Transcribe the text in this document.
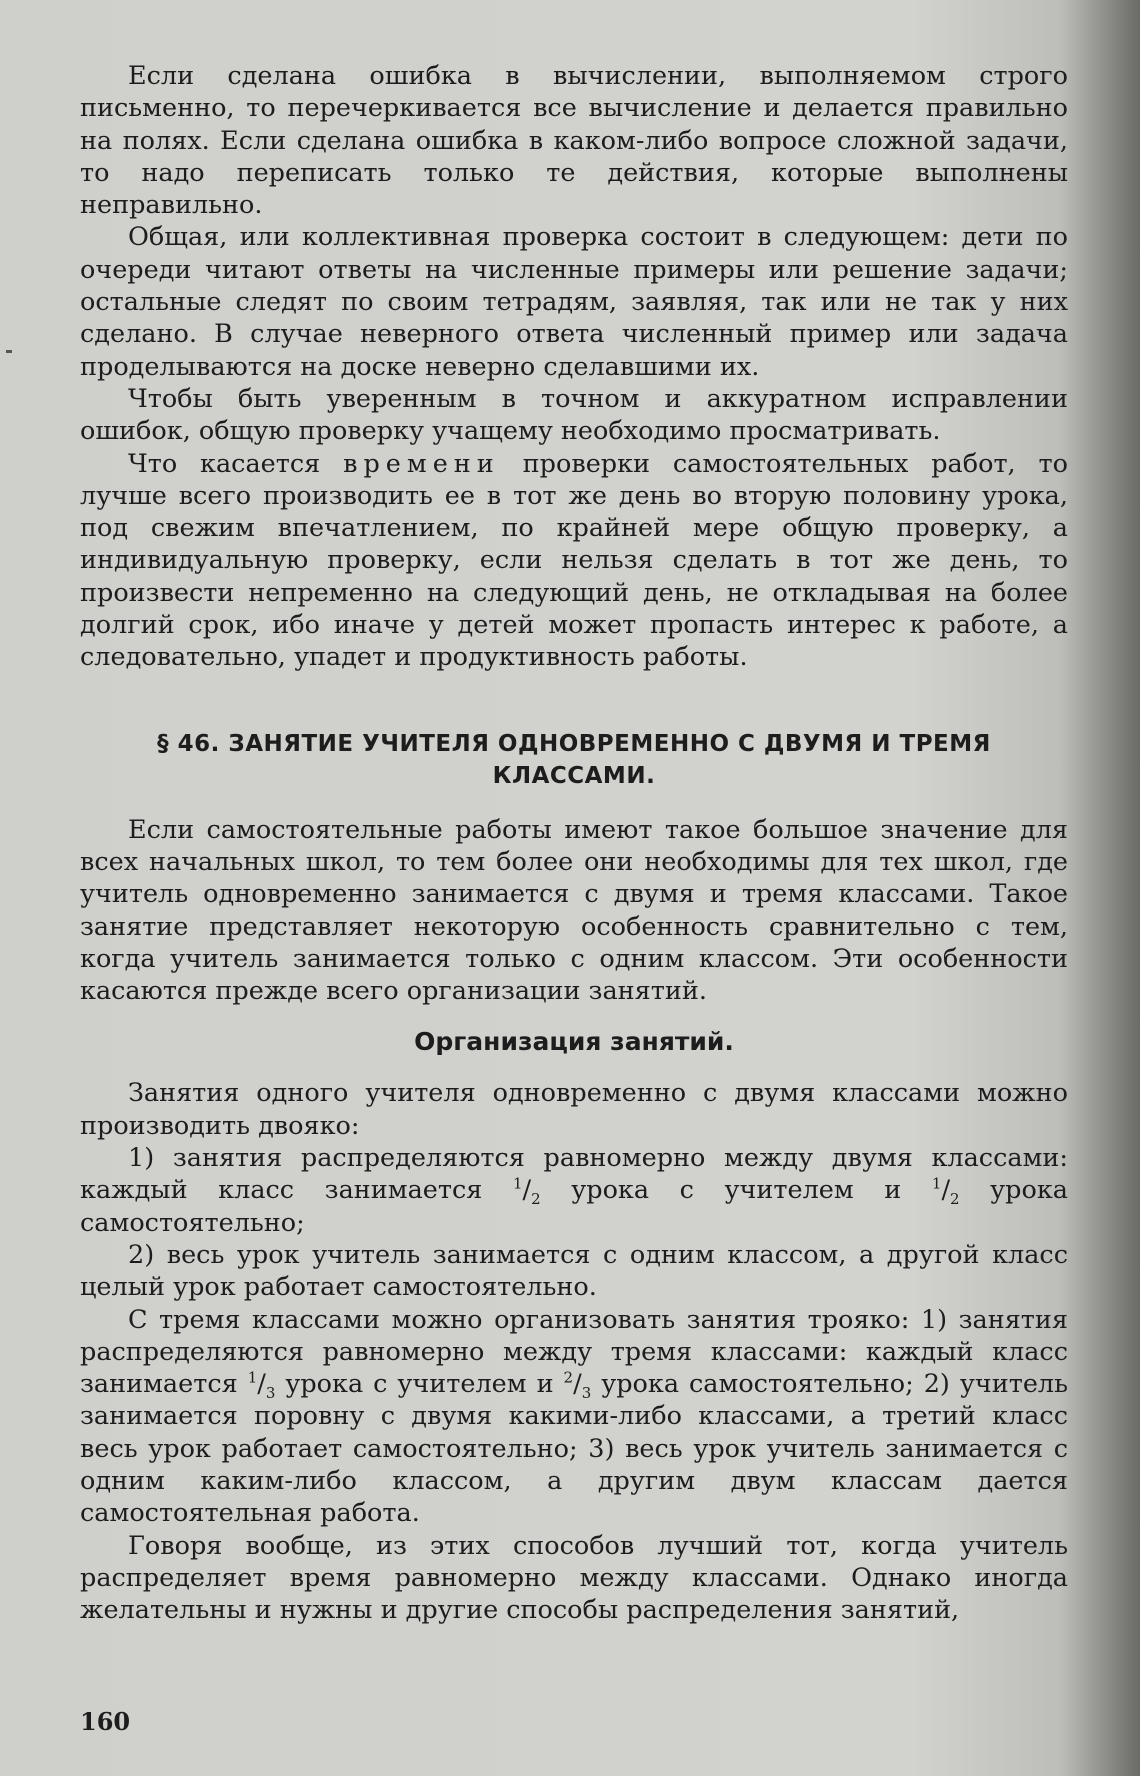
Если сделана ошибка в вычислении, выполняемом строго письменно, то перечеркивается все вычисление и делается правильно на полях. Если сделана ошибка в каком-либо вопросе сложной задачи, то надо переписать только те действия, которые выполнены неправильно.

Общая, или коллективная проверка состоит в следующем: дети по очереди читают ответы на численные примеры или решение задачи; остальные следят по своим тетрадям, заявляя, так или не так у них сделано. В случае неверного ответа численный пример или задача проделываются на доске неверно сделавшими их.

Чтобы быть уверенным в точном и аккуратном исправлении ошибок, общую проверку учащему необходимо просматривать.

Что касается времени проверки самостоятельных работ, то лучше всего производить ее в тот же день во вторую половину урока, под свежим впечатлением, по крайней мере общую проверку, а индивидуальную проверку, если нельзя сделать в тот же день, то произвести непременно на следующий день, не откладывая на более долгий срок, ибо иначе у детей может пропасть интерес к работе, а следовательно, упадет и продуктивность работы.

§ 46. ЗАНЯТИЕ УЧИТЕЛЯ ОДНОВРЕМЕННО С ДВУМЯ И ТРЕМЯ
КЛАССАМИ.

Если самостоятельные работы имеют такое большое значение для всех начальных школ, то тем более они необходимы для тех школ, где учитель одновременно занимается с двумя и тремя классами. Такое занятие представляет некоторую особенность сравнительно с тем, когда учитель занимается только с одним классом. Эти особенности касаются прежде всего организации занятий.

Организация занятий.

Занятия одного учителя одновременно с двумя классами можно производить двояко:

1) занятия распределяются равномерно между двумя классами: каждый класс занимается $^1/_2$ урока с учителем и $^1/_2$ урока самостоятельно;

2) весь урок учитель занимается с одним классом, а другой класс целый урок работает самостоятельно.

С тремя классами можно организовать занятия трояко: 1) занятия распределяются равномерно между тремя классами: каждый класс занимается $^1/_3$ урока с учителем и $^2/_3$ урока самостоятельно; 2) учитель занимается поровну с двумя какими-либо классами, а третий класс весь урок работает самостоятельно; 3) весь урок учитель занимается с одним каким-либо классом, а другим двум классам дается самостоятельная работа.

Говоря вообще, из этих способов лучший тот, когда учитель распределяет время равномерно между классами. Однако иногда желательны и нужны и другие способы распределения занятий,

160
